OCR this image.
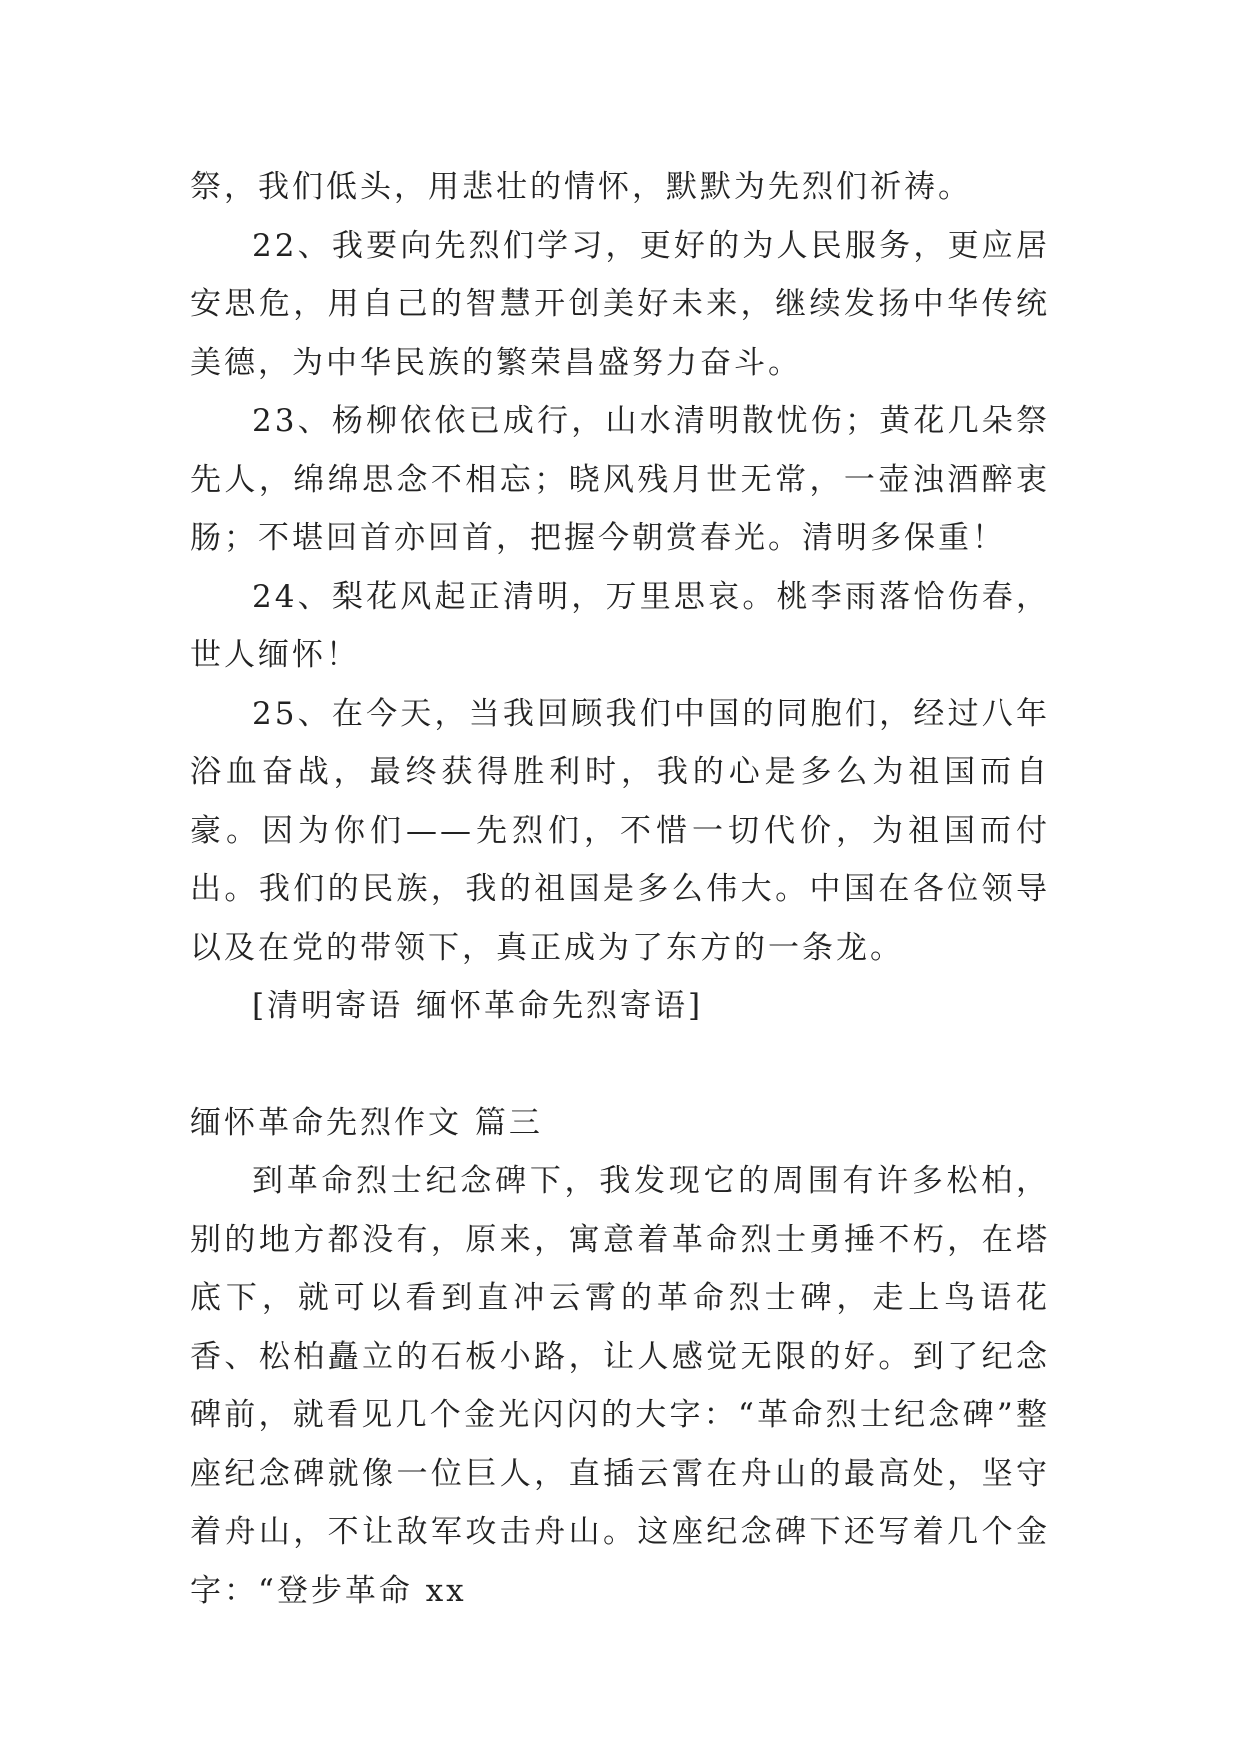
祭，我们低头，用悲壮的情怀，默默为先烈们祈祷。

22、我要向先烈们学习，更好的为人民服务，更应居安思危，用自己的智慧开创美好未来，继续发扬中华传统美德，为中华民族的繁荣昌盛努力奋斗。

23、杨柳依依已成行，山水清明散忧伤；黄花几朵祭先人，绵绵思念不相忘；晓风残月世无常，一壶浊酒醉衷肠；不堪回首亦回首，把握今朝赏春光。清明多保重！

24、梨花风起正清明，万里思哀。桃李雨落恰伤春，世人缅怀！

25、在今天，当我回顾我们中国的同胞们，经过八年浴血奋战，最终获得胜利时，我的心是多么为祖国而自豪。因为你们——先烈们，不惜一切代价，为祖国而付出。我们的民族，我的祖国是多么伟大。中国在各位领导以及在党的带领下，真正成为了东方的一条龙。

[清明寄语 缅怀革命先烈寄语]

缅怀革命先烈作文 篇三

到革命烈士纪念碑下，我发现它的周围有许多松柏，别的地方都没有，原来，寓意着革命烈士勇捶不朽，在塔底下，就可以看到直冲云霄的革命烈士碑，走上鸟语花香、松柏矗立的石板小路，让人感觉无限的好。到了纪念碑前，就看见几个金光闪闪的大字：“革命烈士纪念碑”整座纪念碑就像一位巨人，直插云霄在舟山的最高处，坚守着舟山，不让敌军攻击舟山。这座纪念碑下还写着几个金字：“登步革命 xx
